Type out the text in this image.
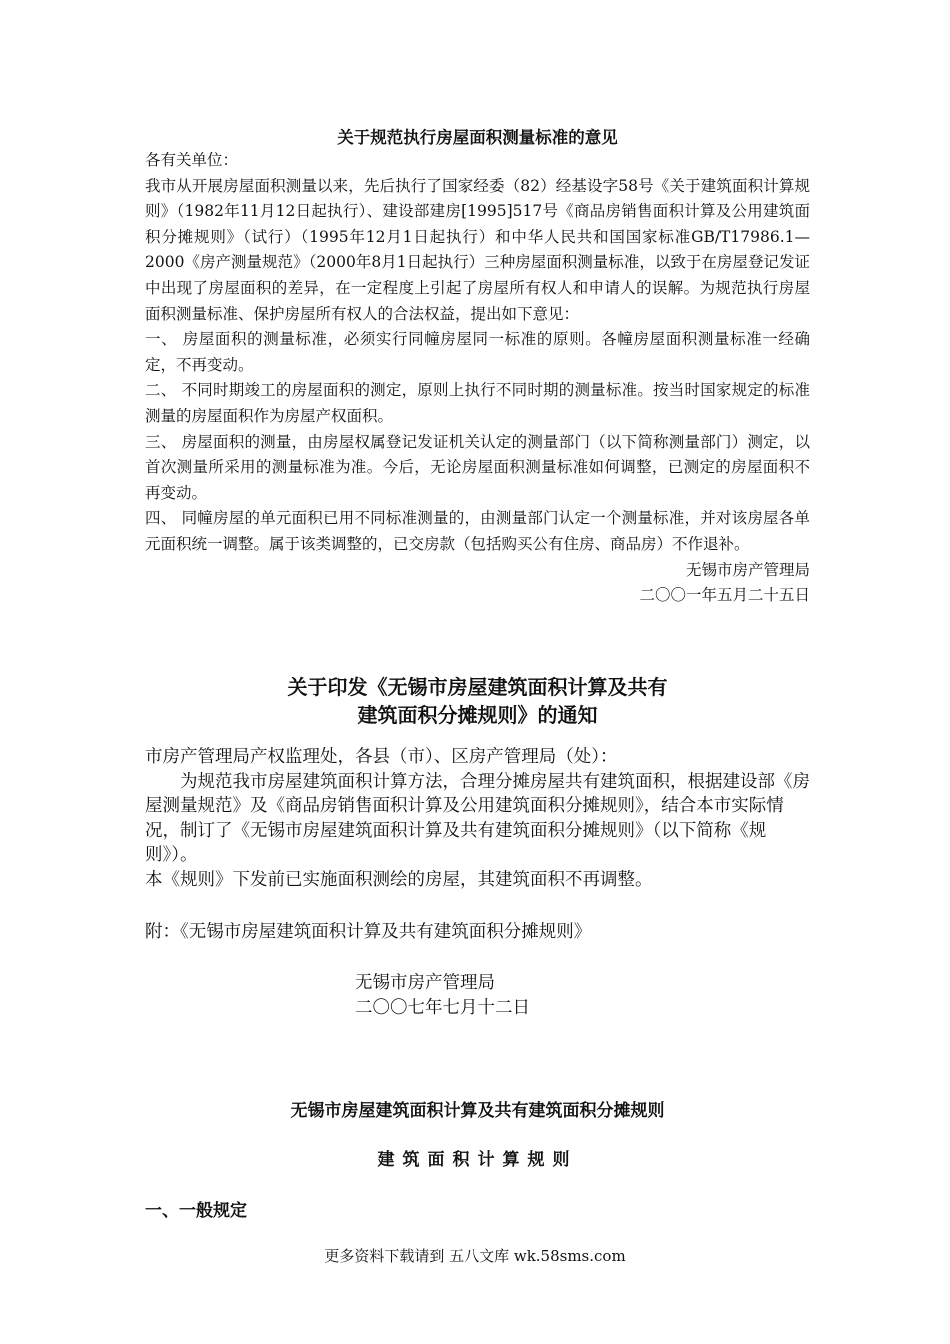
关于规范执行房屋面积测量标准的意见

各有关单位：

我市从开展房屋面积测量以来，先后执行了国家经委（82）经基设字58号《关于建筑面积计算规则》（1982年11月12日起执行）、建设部建房[1995]517号《商品房销售面积计算及公用建筑面积分摊规则》（试行）（1995年12月1日起执行）和中华人民共和国国家标准GB/T17986.1—2000《房产测量规范》（2000年8月1日起执行）三种房屋面积测量标准，以致于在房屋登记发证中出现了房屋面积的差异，在一定程度上引起了房屋所有权人和申请人的误解。为规范执行房屋面积测量标准、保护房屋所有权人的合法权益，提出如下意见：

一、 房屋面积的测量标准，必须实行同幢房屋同一标准的原则。各幢房屋面积测量标准一经确定，不再变动。

二、 不同时期竣工的房屋面积的测定，原则上执行不同时期的测量标准。按当时国家规定的标准测量的房屋面积作为房屋产权面积。

三、 房屋面积的测量，由房屋权属登记发证机关认定的测量部门（以下简称测量部门）测定，以首次测量所采用的测量标准为准。今后，无论房屋面积测量标准如何调整，已测定的房屋面积不再变动。

四、 同幢房屋的单元面积已用不同标准测量的，由测量部门认定一个测量标准，并对该房屋各单元面积统一调整。属于该类调整的，已交房款（包括购买公有住房、商品房）不作退补。

无锡市房产管理局

二〇〇一年五月二十五日

关于印发《无锡市房屋建筑面积计算及共有
建筑面积分摊规则》的通知

市房产管理局产权监理处，各县（市）、区房产管理局（处）：

为规范我市房屋建筑面积计算方法，合理分摊房屋共有建筑面积，根据建设部《房屋测量规范》及《商品房销售面积计算及公用建筑面积分摊规则》，结合本市实际情况，制订了《无锡市房屋建筑面积计算及共有建筑面积分摊规则》（以下简称《规则》）。

本《规则》下发前已实施面积测绘的房屋，其建筑面积不再调整。

附：《无锡市房屋建筑面积计算及共有建筑面积分摊规则》
无锡市房产管理局
二〇〇七年七月十二日
无锡市房屋建筑面积计算及共有建筑面积分摊规则
建筑面积计算规则
一、一般规定
更多资料下载请到 五八文库 wk.58sms.com
